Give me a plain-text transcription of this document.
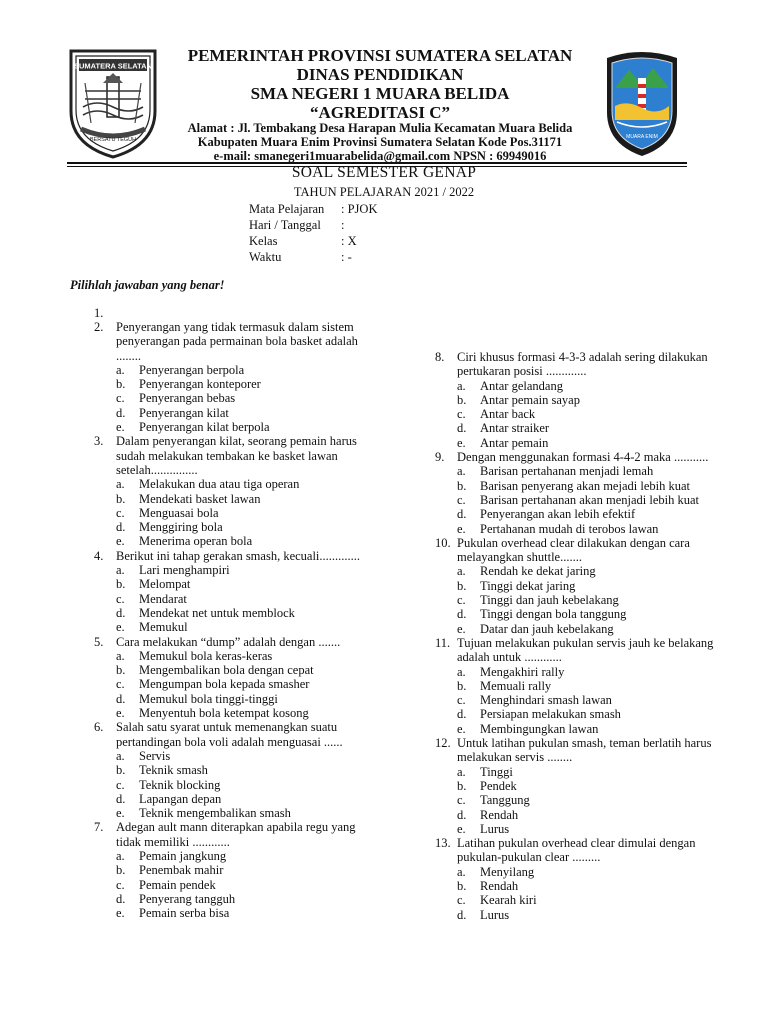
SUMATERA SELATAN
BERSATU TEGUH	MUARA ENIM
PEMERINTAH PROVINSI SUMATERA SELATAN
DINAS PENDIDIKAN
SMA NEGERI 1 MUARA BELIDA
“AGREDITASI C”
Alamat : Jl. Tembakang Desa Harapan Mulia Kecamatan Muara Belida
Kabupaten Muara Enim Provinsi Sumatera Selatan Kode Pos.31171
e-mail: smanegeri1muarabelida@gmail.com NPSN : 69949016
SOAL SEMESTER GENAP
TAHUN PELAJARAN 2021 / 2022
Mata Pelajaran	: PJOK
Hari / Tanggal	:
Kelas	: X
Waktu	: -
Pilihlah jawaban yang benar!
1.
2. Penyerangan yang tidak termasuk dalam sistem penyerangan pada permainan bola basket adalah ........
a. Penyerangan berpola
b. Penyerangan konteporer
c. Penyerangan bebas
d. Penyerangan kilat
e. Penyerangan kilat berpola
3. Dalam penyerangan kilat, seorang pemain harus sudah melakukan tembakan ke basket lawan setelah...............
a. Melakukan dua atau tiga operan
b. Mendekati basket lawan
c. Menguasai bola
d. Menggiring bola
e. Menerima operan bola
4. Berikut ini tahap gerakan smash, kecuali.............
a. Lari menghampiri
b. Melompat
c. Mendarat
d. Mendekat net untuk memblock
e. Memukul
5. Cara melakukan “dump” adalah dengan .......
a. Memukul bola keras-keras
b. Mengembalikan bola dengan cepat
c. Mengumpan bola kepada smasher
d. Memukul bola tinggi-tinggi
e. Menyentuh bola ketempat kosong
6. Salah satu syarat untuk memenangkan suatu pertandingan bola voli adalah menguasai ......
a. Servis
b. Teknik smash
c. Teknik blocking
d. Lapangan depan
e. Teknik mengembalikan smash
7. Adegan ault mann diterapkan apabila regu yang tidak memiliki ............
a. Pemain jangkung
b. Penembak mahir
c. Pemain pendek
d. Penyerang tangguh
e. Pemain serba bisa
8. Ciri khusus formasi 4-3-3 adalah sering dilakukan pertukaran posisi .............
a. Antar gelandang
b. Antar pemain sayap
c. Antar back
d. Antar straiker
e. Antar pemain
9. Dengan menggunakan formasi 4-4-2 maka ...........
a. Barisan pertahanan menjadi lemah
b. Barisan penyerang akan mejadi lebih kuat
c. Barisan pertahanan akan menjadi lebih kuat
d. Penyerangan akan lebih efektif
e. Pertahanan mudah di terobos lawan
10. Pukulan overhead clear dilakukan dengan cara melayangkan shuttle.......
a. Rendah ke dekat jaring
b. Tinggi dekat jaring
c. Tinggi dan jauh kebelakang
d. Tinggi dengan bola tanggung
e. Datar dan jauh kebelakang
11. Tujuan melakukan pukulan servis jauh ke belakang adalah untuk ............
a. Mengakhiri rally
b. Memuali rally
c. Menghindari smash lawan
d. Persiapan melakukan smash
e. Membingungkan lawan
12. Untuk latihan pukulan smash, teman berlatih harus melakukan servis ........
a. Tinggi
b. Pendek
c. Tanggung
d. Rendah
e. Lurus
13. Latihan pukulan overhead clear dimulai dengan pukulan-pukulan clear .........
a. Menyilang
b. Rendah
c. Kearah kiri
d. Lurus
